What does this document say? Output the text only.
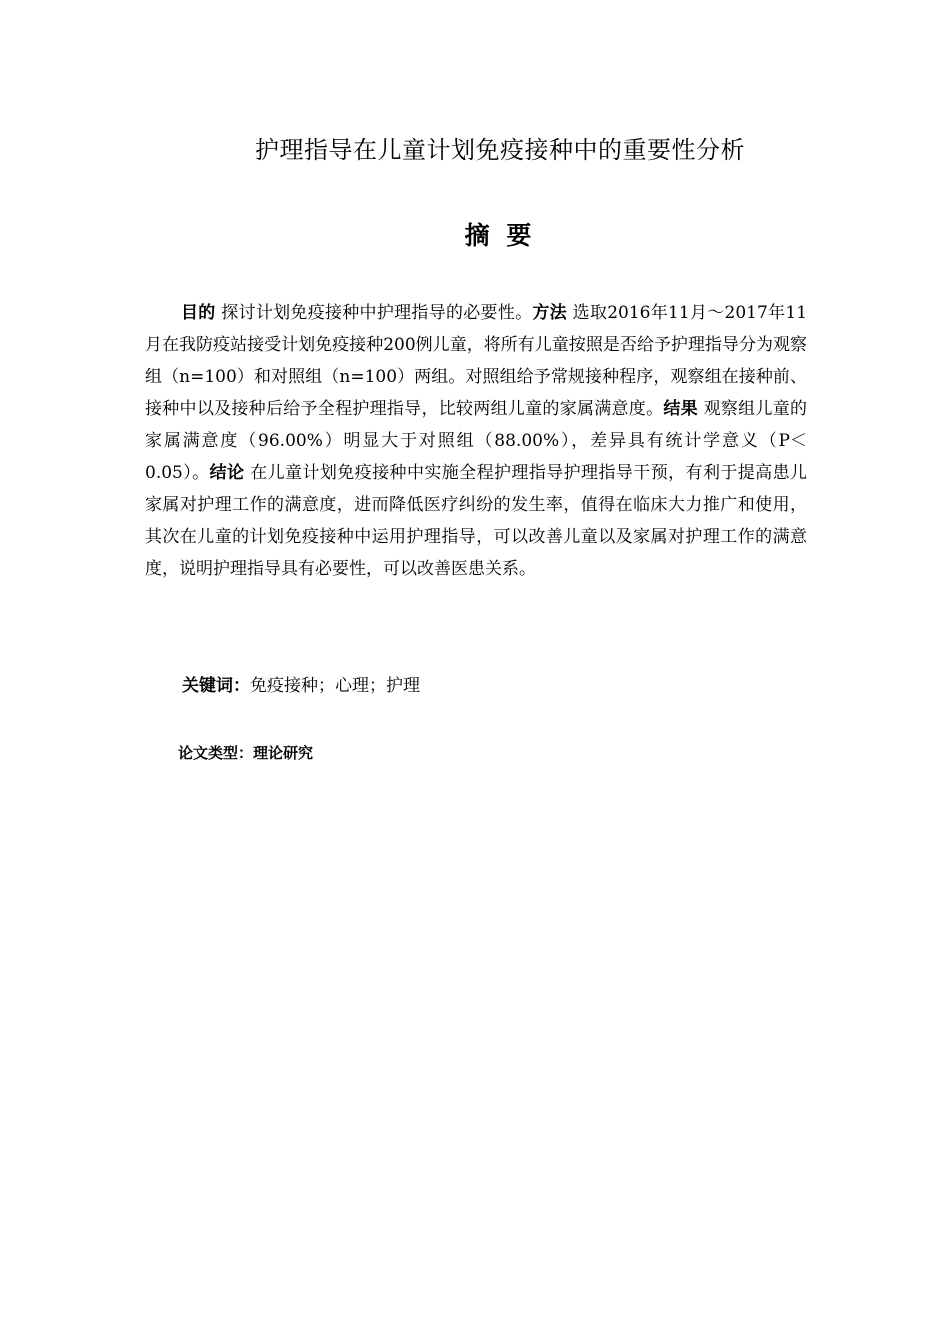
护理指导在儿童计划免疫接种中的重要性分析
摘 要
目的 探讨计划免疫接种中护理指导的必要性。方法 选取2016年11月～2017年11月在我防疫站接受计划免疫接种200例儿童，将所有儿童按照是否给予护理指导分为观察组（n=100）和对照组（n=100）两组。对照组给予常规接种程序，观察组在接种前、接种中以及接种后给予全程护理指导，比较两组儿童的家属满意度。结果 观察组儿童的家属满意度（96.00%）明显大于对照组（88.00%），差异具有统计学意义（P＜0.05）。结论 在儿童计划免疫接种中实施全程护理指导护理指导干预，有利于提高患儿家属对护理工作的满意度，进而降低医疗纠纷的发生率，值得在临床大力推广和使用，其次在儿童的计划免疫接种中运用护理指导，可以改善儿童以及家属对护理工作的满意度，说明护理指导具有必要性，可以改善医患关系。
关键词：免疫接种；心理；护理
论文类型：理论研究
